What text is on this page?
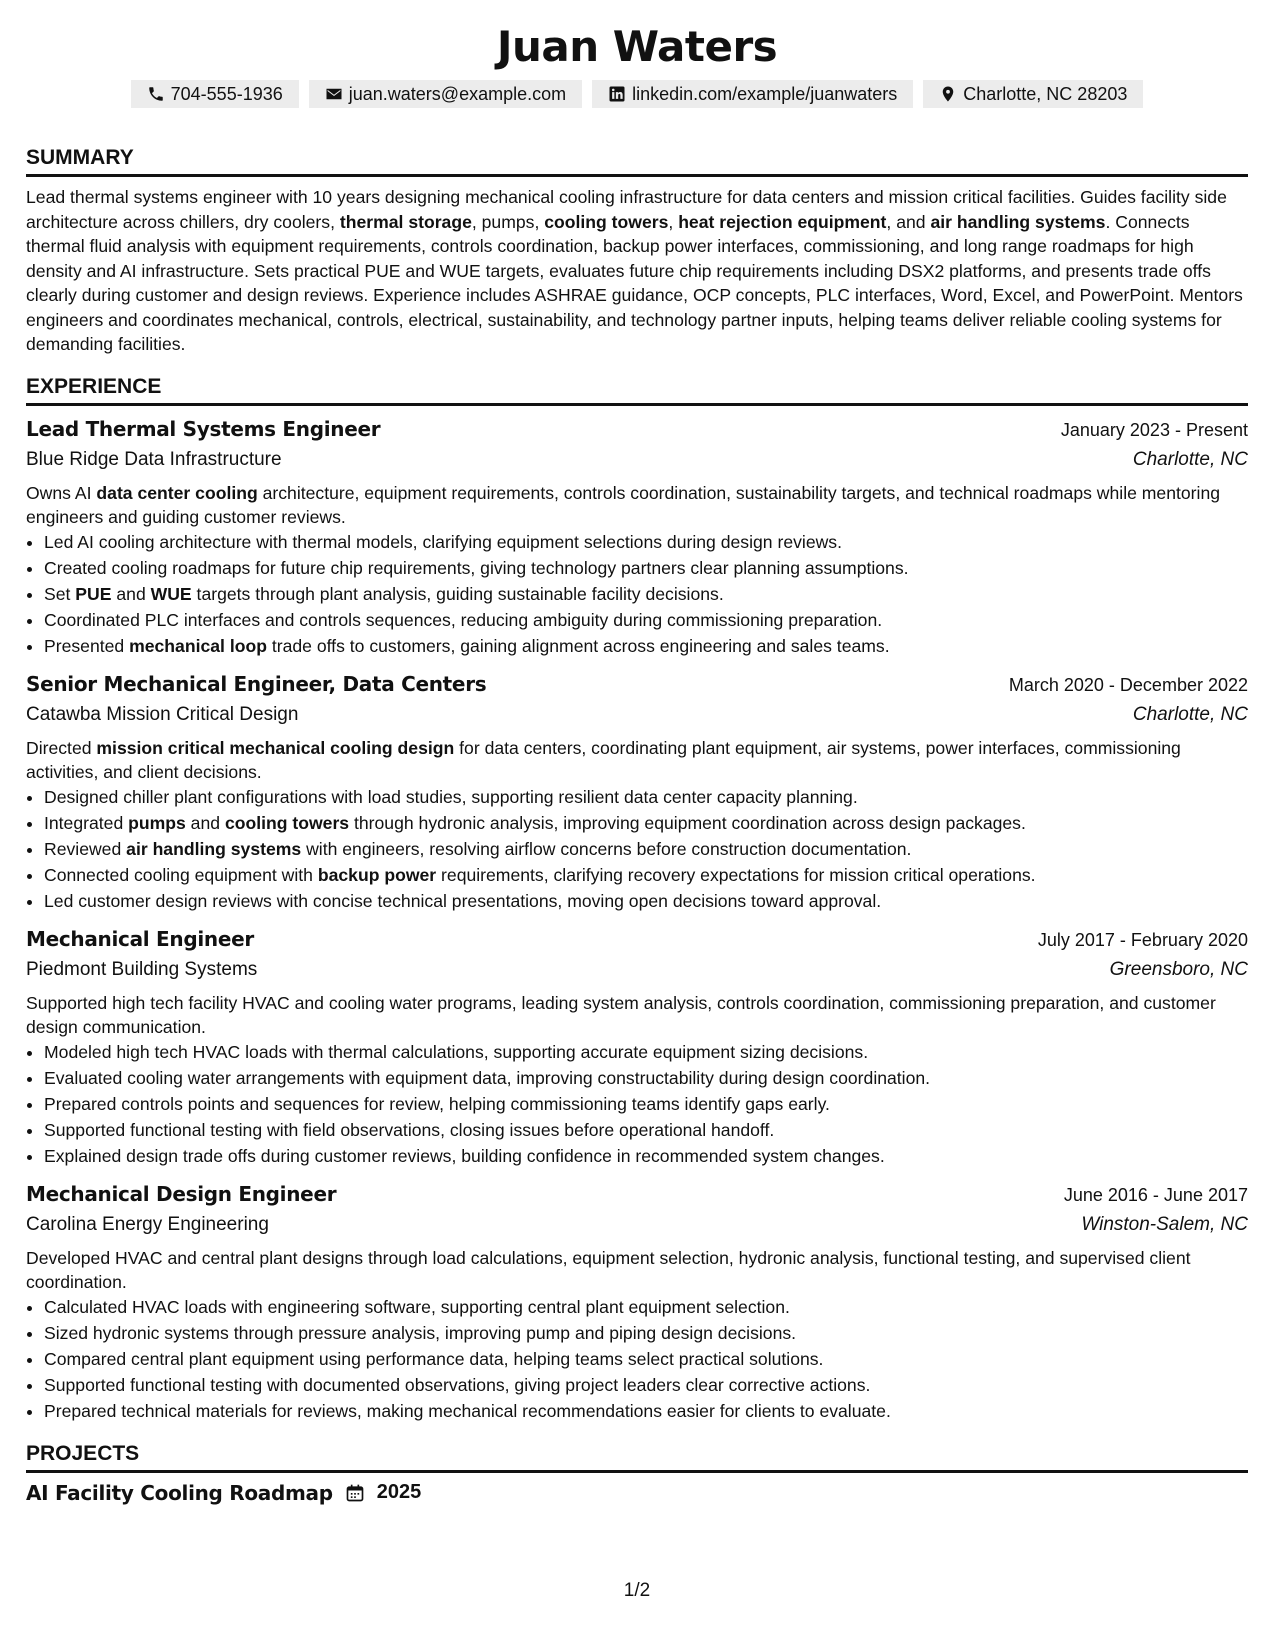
Juan Waters
704-555-1936	juan.waters@example.com	linkedin.com/example/juanwaters	Charlotte, NC 28203
SUMMARY
Lead thermal systems engineer with 10 years designing mechanical cooling infrastructure for data centers and mission critical facilities. Guides facility side architecture across chillers, dry coolers, thermal storage, pumps, cooling towers, heat rejection equipment, and air handling systems. Connects thermal fluid analysis with equipment requirements, controls coordination, backup power interfaces, commissioning, and long range roadmaps for high density and AI infrastructure. Sets practical PUE and WUE targets, evaluates future chip requirements including DSX2 platforms, and presents trade offs clearly during customer and design reviews. Experience includes ASHRAE guidance, OCP concepts, PLC interfaces, Word, Excel, and PowerPoint. Mentors engineers and coordinates mechanical, controls, electrical, sustainability, and technology partner inputs, helping teams deliver reliable cooling systems for demanding facilities.
EXPERIENCE
Lead Thermal Systems Engineer	January 2023 - Present
Blue Ridge Data Infrastructure	Charlotte, NC
Owns AI data center cooling architecture, equipment requirements, controls coordination, sustainability targets, and technical roadmaps while mentoring engineers and guiding customer reviews.
• Led AI cooling architecture with thermal models, clarifying equipment selections during design reviews.
• Created cooling roadmaps for future chip requirements, giving technology partners clear planning assumptions.
• Set PUE and WUE targets through plant analysis, guiding sustainable facility decisions.
• Coordinated PLC interfaces and controls sequences, reducing ambiguity during commissioning preparation.
• Presented mechanical loop trade offs to customers, gaining alignment across engineering and sales teams.
Senior Mechanical Engineer, Data Centers	March 2020 - December 2022
Catawba Mission Critical Design	Charlotte, NC
Directed mission critical mechanical cooling design for data centers, coordinating plant equipment, air systems, power interfaces, commissioning activities, and client decisions.
• Designed chiller plant configurations with load studies, supporting resilient data center capacity planning.
• Integrated pumps and cooling towers through hydronic analysis, improving equipment coordination across design packages.
• Reviewed air handling systems with engineers, resolving airflow concerns before construction documentation.
• Connected cooling equipment with backup power requirements, clarifying recovery expectations for mission critical operations.
• Led customer design reviews with concise technical presentations, moving open decisions toward approval.
Mechanical Engineer	July 2017 - February 2020
Piedmont Building Systems	Greensboro, NC
Supported high tech facility HVAC and cooling water programs, leading system analysis, controls coordination, commissioning preparation, and customer design communication.
• Modeled high tech HVAC loads with thermal calculations, supporting accurate equipment sizing decisions.
• Evaluated cooling water arrangements with equipment data, improving constructability during design coordination.
• Prepared controls points and sequences for review, helping commissioning teams identify gaps early.
• Supported functional testing with field observations, closing issues before operational handoff.
• Explained design trade offs during customer reviews, building confidence in recommended system changes.
Mechanical Design Engineer	June 2016 - June 2017
Carolina Energy Engineering	Winston-Salem, NC
Developed HVAC and central plant designs through load calculations, equipment selection, hydronic analysis, functional testing, and supervised client coordination.
• Calculated HVAC loads with engineering software, supporting central plant equipment selection.
• Sized hydronic systems through pressure analysis, improving pump and piping design decisions.
• Compared central plant equipment using performance data, helping teams select practical solutions.
• Supported functional testing with documented observations, giving project leaders clear corrective actions.
• Prepared technical materials for reviews, making mechanical recommendations easier for clients to evaluate.
PROJECTS
AI Facility Cooling Roadmap 2025
1/2
